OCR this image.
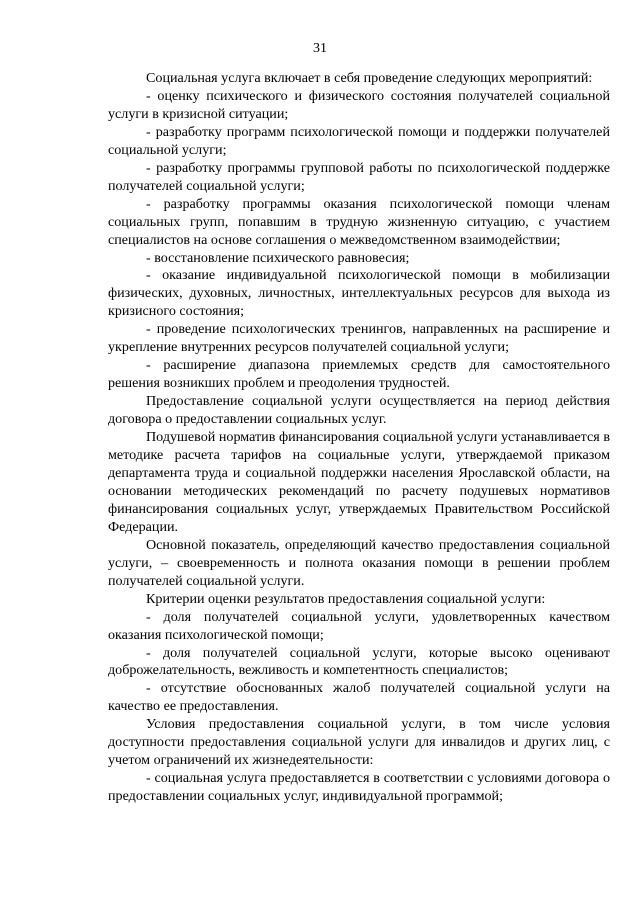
31

Социальная услуга включает в себя проведение следующих мероприятий:

- оценку психического и физического состояния получателей социальной услуги в кризисной ситуации;

- разработку программ психологической помощи и поддержки получателей социальной услуги;

- разработку программы групповой работы по психологической поддержке получателей социальной услуги;

- разработку программы оказания психологической помощи членам социальных групп, попавшим в трудную жизненную ситуацию, с участием специалистов на основе соглашения о межведомственном взаимодействии;

- восстановление психического равновесия;

- оказание индивидуальной психологической помощи в мобилизации физических, духовных, личностных, интеллектуальных ресурсов для выхода из кризисного состояния;

- проведение психологических тренингов, направленных на расширение и укрепление внутренних ресурсов получателей социальной услуги;

- расширение диапазона приемлемых средств для самостоятельного решения возникших проблем и преодоления трудностей.

Предоставление социальной услуги осуществляется на период действия договора о предоставлении социальных услуг.

Подушевой норматив финансирования социальной услуги устанавливается в методике расчета тарифов на социальные услуги, утверждаемой приказом департамента труда и социальной поддержки населения Ярославской области, на основании методических рекомендаций по расчету подушевых нормативов финансирования социальных услуг, утверждаемых Правительством Российской Федерации.

Основной показатель, определяющий качество предоставления социальной услуги, – своевременность и полнота оказания помощи в решении проблем получателей социальной услуги.

Критерии оценки результатов предоставления социальной услуги:

- доля получателей социальной услуги, удовлетворенных качеством оказания психологической помощи;

- доля получателей социальной услуги, которые высоко оценивают доброжелательность, вежливость и компетентность специалистов;

- отсутствие обоснованных жалоб получателей социальной услуги на качество ее предоставления.

Условия предоставления социальной услуги, в том числе условия доступности предоставления социальной услуги для инвалидов и других лиц, с учетом ограничений их жизнедеятельности:

- социальная услуга предоставляется в соответствии с условиями договора о предоставлении социальных услуг, индивидуальной программой;
